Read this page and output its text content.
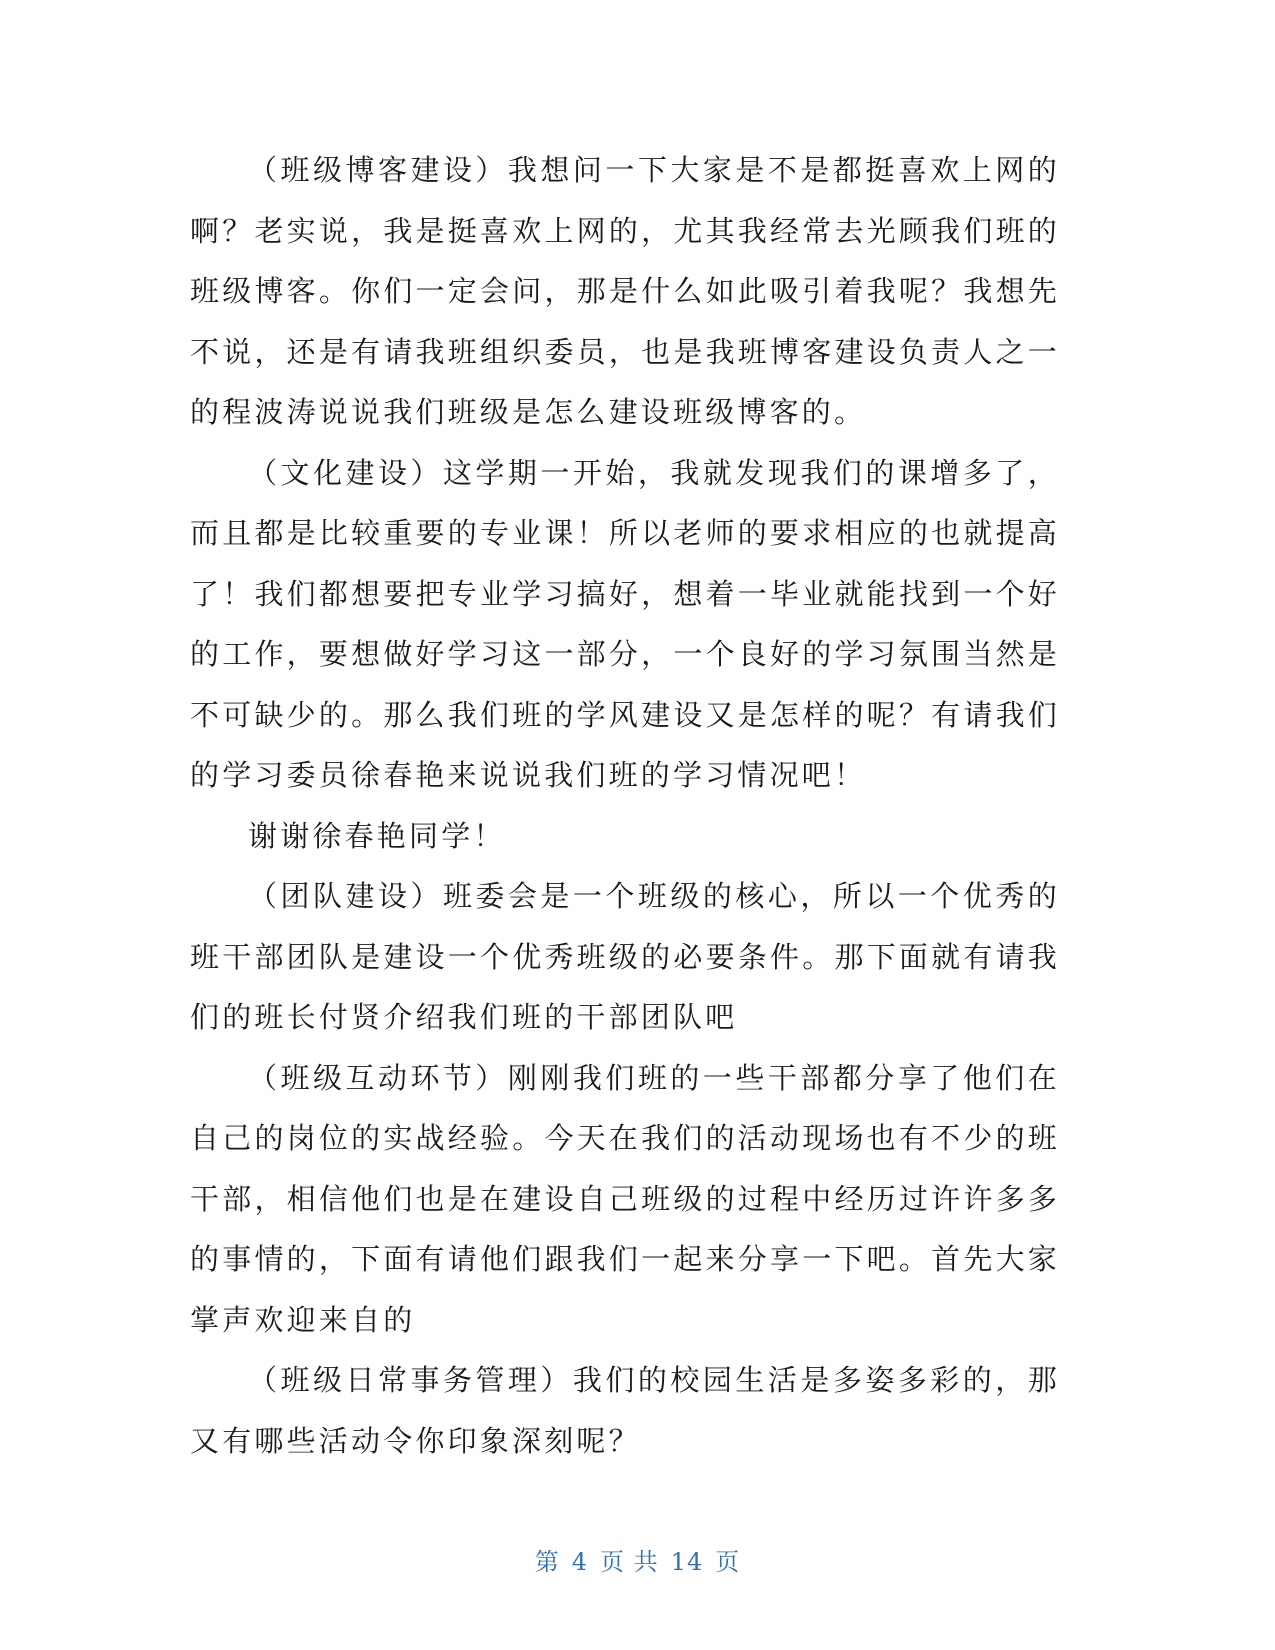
（班级博客建设）我想问一下大家是不是都挺喜欢上网的啊？老实说，我是挺喜欢上网的，尤其我经常去光顾我们班的班级博客。你们一定会问，那是什么如此吸引着我呢？我想先不说，还是有请我班组织委员，也是我班博客建设负责人之一的程波涛说说我们班级是怎么建设班级博客的。

（文化建设）这学期一开始，我就发现我们的课增多了，而且都是比较重要的专业课！所以老师的要求相应的也就提高了！我们都想要把专业学习搞好，想着一毕业就能找到一个好的工作，要想做好学习这一部分，一个良好的学习氛围当然是不可缺少的。那么我们班的学风建设又是怎样的呢？有请我们的学习委员徐春艳来说说我们班的学习情况吧！

谢谢徐春艳同学！

（团队建设）班委会是一个班级的核心，所以一个优秀的班干部团队是建设一个优秀班级的必要条件。那下面就有请我们的班长付贤介绍我们班的干部团队吧

（班级互动环节）刚刚我们班的一些干部都分享了他们在自己的岗位的实战经验。今天在我们的活动现场也有不少的班干部，相信他们也是在建设自己班级的过程中经历过许许多多的事情的，下面有请他们跟我们一起来分享一下吧。首先大家掌声欢迎来自的

（班级日常事务管理）我们的校园生活是多姿多彩的，那又有哪些活动令你印象深刻呢？

第 4 页 共 14 页
